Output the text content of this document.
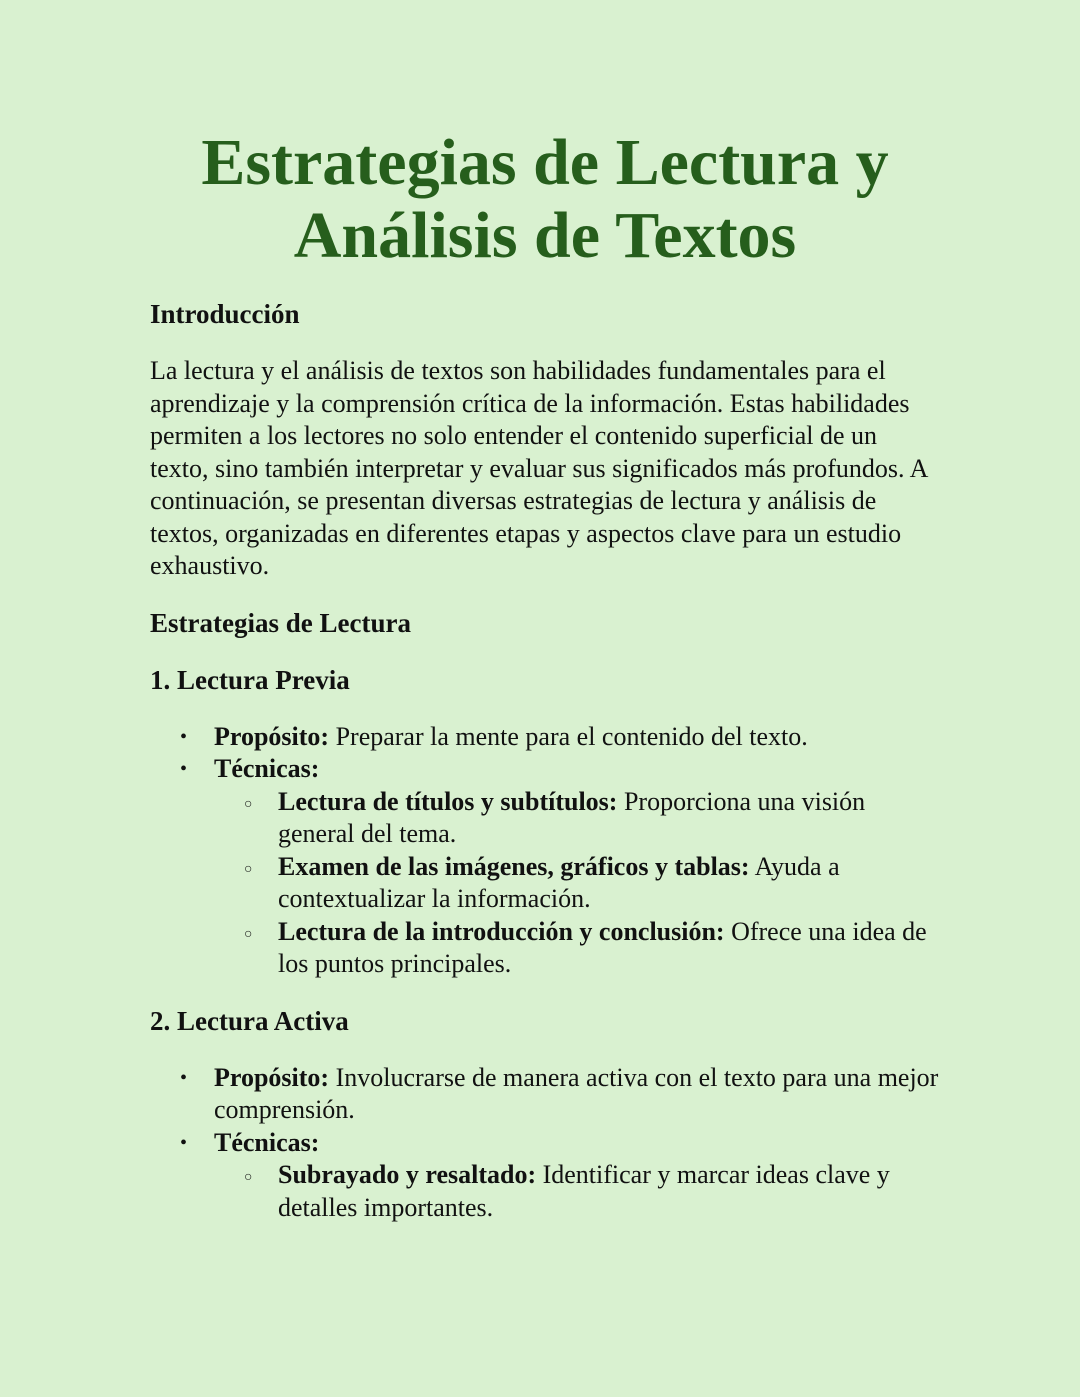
Estrategias de Lectura y
Análisis de Textos
Introducción

La lectura y el análisis de textos son habilidades fundamentales para el aprendizaje y la comprensión crítica de la información. Estas habilidades permiten a los lectores no solo entender el contenido superficial de un texto, sino también interpretar y evaluar sus significados más profundos. A continuación, se presentan diversas estrategias de lectura y análisis de textos, organizadas en diferentes etapas y aspectos clave para un estudio exhaustivo.

Estrategias de Lectura
1. Lectura Previa
• Propósito: Preparar la mente para el contenido del texto.
• Técnicas:
○ Lectura de títulos y subtítulos: Proporciona una visión general del tema.
○ Examen de las imágenes, gráficos y tablas: Ayuda a contextualizar la información.
○ Lectura de la introducción y conclusión: Ofrece una idea de los puntos principales.
2. Lectura Activa
• Propósito: Involucrarse de manera activa con el texto para una mejor comprensión.
• Técnicas:
○ Subrayado y resaltado: Identificar y marcar ideas clave y detalles importantes.
